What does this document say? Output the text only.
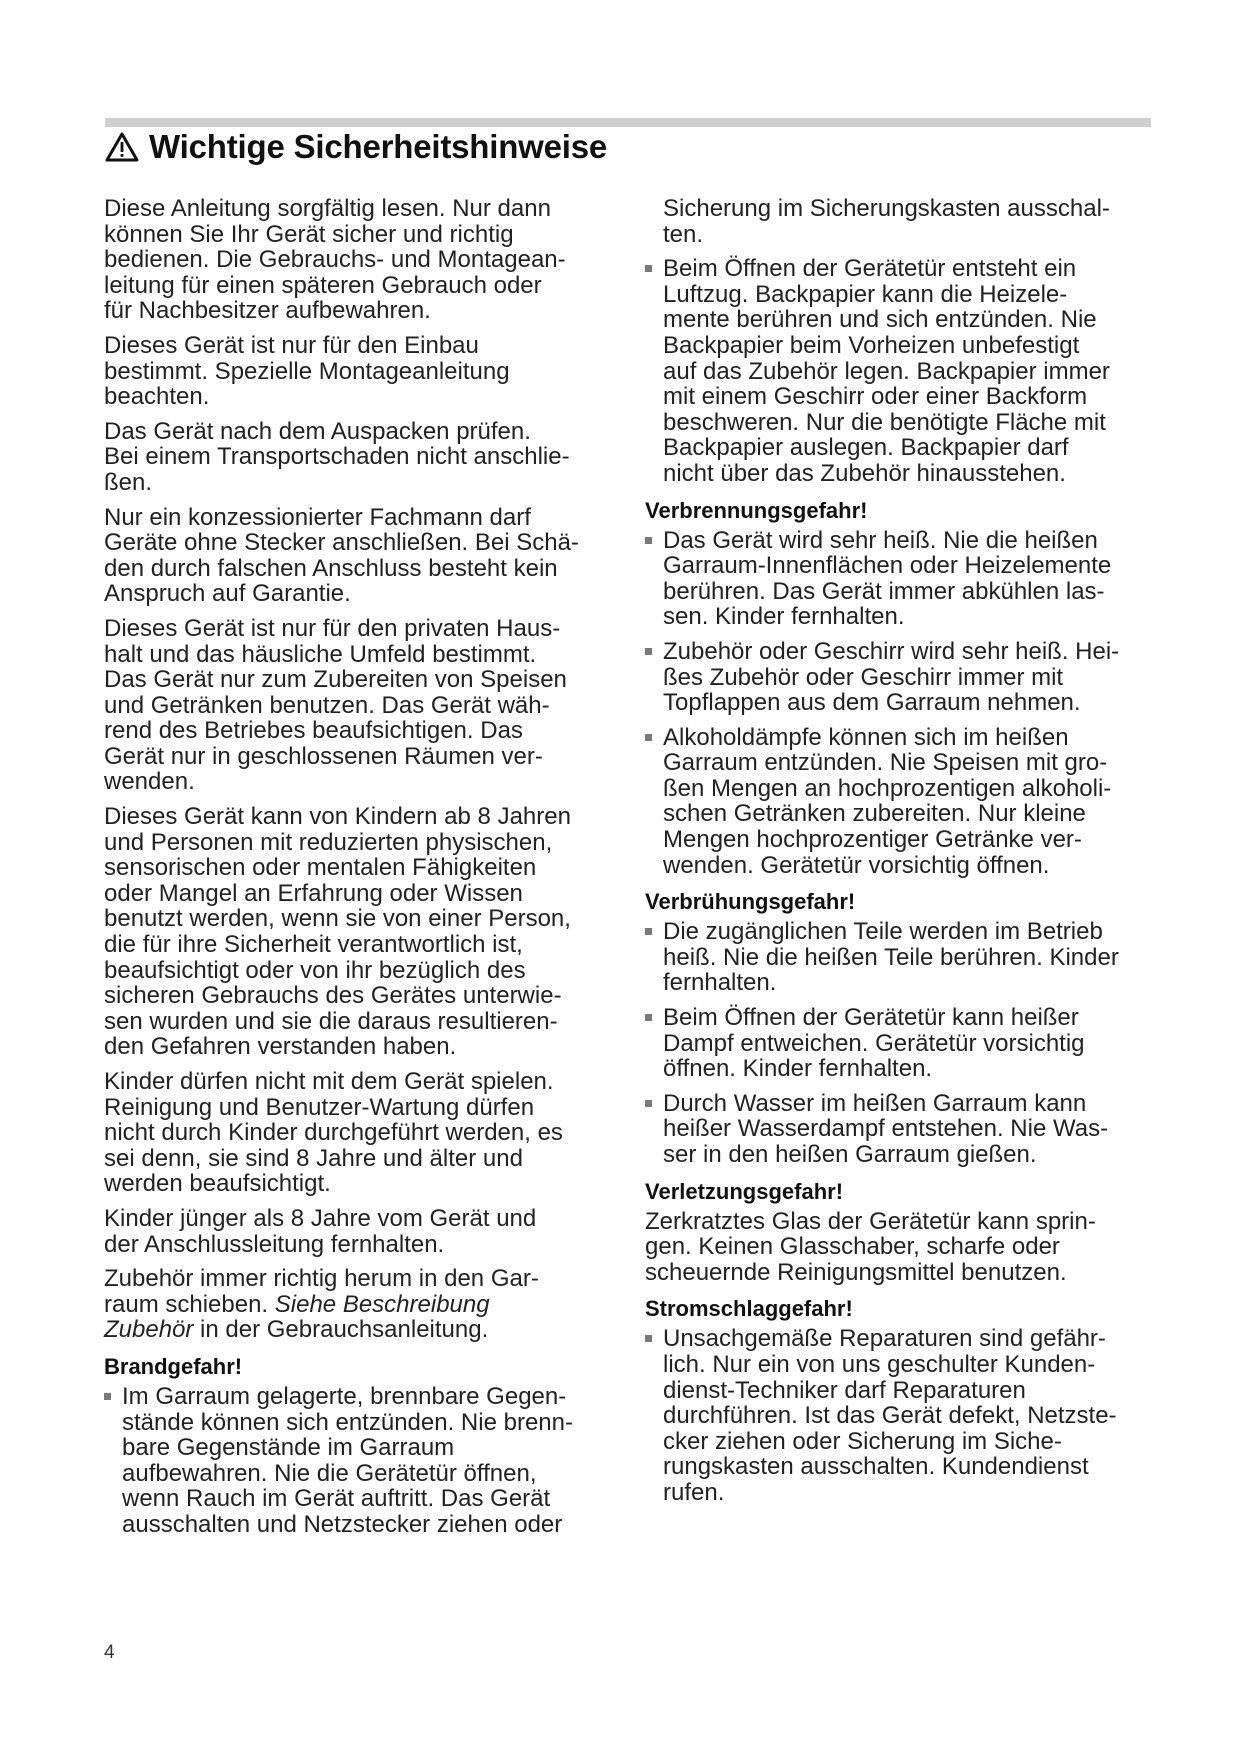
Wichtige Sicherheitshinweise

Diese Anleitung sorgfältig lesen. Nur dann
können Sie Ihr Gerät sicher und richtig
bedienen. Die Gebrauchs- und Montagean-
leitung für einen späteren Gebrauch oder
für Nachbesitzer aufbewahren.

Dieses Gerät ist nur für den Einbau
bestimmt. Spezielle Montageanleitung
beachten.

Das Gerät nach dem Auspacken prüfen.
Bei einem Transportschaden nicht anschlie-
ßen.

Nur ein konzessionierter Fachmann darf
Geräte ohne Stecker anschließen. Bei Schä-
den durch falschen Anschluss besteht kein
Anspruch auf Garantie.

Dieses Gerät ist nur für den privaten Haus-
halt und das häusliche Umfeld bestimmt.
Das Gerät nur zum Zubereiten von Speisen
und Getränken benutzen. Das Gerät wäh-
rend des Betriebes beaufsichtigen. Das
Gerät nur in geschlossenen Räumen ver-
wenden.

Dieses Gerät kann von Kindern ab 8 Jahren
und Personen mit reduzierten physischen,
sensorischen oder mentalen Fähigkeiten
oder Mangel an Erfahrung oder Wissen
benutzt werden, wenn sie von einer Person,
die für ihre Sicherheit verantwortlich ist,
beaufsichtigt oder von ihr bezüglich des
sicheren Gebrauchs des Gerätes unterwie-
sen wurden und sie die daraus resultieren-
den Gefahren verstanden haben.

Kinder dürfen nicht mit dem Gerät spielen.
Reinigung und Benutzer-Wartung dürfen
nicht durch Kinder durchgeführt werden, es
sei denn, sie sind 8 Jahre und älter und
werden beaufsichtigt.

Kinder jünger als 8 Jahre vom Gerät und
der Anschlussleitung fernhalten.

Zubehör immer richtig herum in den Gar-
raum schieben. Siehe Beschreibung
Zubehör in der Gebrauchsanleitung.

Brandgefahr!
Im Garraum gelagerte, brennbare Gegen-
stände können sich entzünden. Nie brenn-
bare Gegenstände im Garraum
aufbewahren. Nie die Gerätetür öffnen,
wenn Rauch im Gerät auftritt. Das Gerät
ausschalten und Netzstecker ziehen oder

Sicherung im Sicherungskasten ausschal-
ten.

Beim Öffnen der Gerätetür entsteht ein
Luftzug. Backpapier kann die Heizele-
mente berühren und sich entzünden. Nie
Backpapier beim Vorheizen unbefestigt
auf das Zubehör legen. Backpapier immer
mit einem Geschirr oder einer Backform
beschweren. Nur die benötigte Fläche mit
Backpapier auslegen. Backpapier darf
nicht über das Zubehör hinausstehen.
Verbrennungsgefahr!
Das Gerät wird sehr heiß. Nie die heißen
Garraum-Innenflächen oder Heizelemente
berühren. Das Gerät immer abkühlen las-
sen. Kinder fernhalten.
Zubehör oder Geschirr wird sehr heiß. Hei-
ßes Zubehör oder Geschirr immer mit
Topflappen aus dem Garraum nehmen.
Alkoholdämpfe können sich im heißen
Garraum entzünden. Nie Speisen mit gro-
ßen Mengen an hochprozentigen alkoholi-
schen Getränken zubereiten. Nur kleine
Mengen hochprozentiger Getränke ver-
wenden. Gerätetür vorsichtig öffnen.
Verbrühungsgefahr!
Die zugänglichen Teile werden im Betrieb
heiß. Nie die heißen Teile berühren. Kinder
fernhalten.
Beim Öffnen der Gerätetür kann heißer
Dampf entweichen. Gerätetür vorsichtig
öffnen. Kinder fernhalten.
Durch Wasser im heißen Garraum kann
heißer Wasserdampf entstehen. Nie Was-
ser in den heißen Garraum gießen.
Verletzungsgefahr!

Zerkratztes Glas der Gerätetür kann sprin-
gen. Keinen Glasschaber, scharfe oder
scheuernde Reinigungsmittel benutzen.

Stromschlaggefahr!
Unsachgemäße Reparaturen sind gefähr-
lich. Nur ein von uns geschulter Kunden-
dienst-Techniker darf Reparaturen
durchführen. Ist das Gerät defekt, Netzste-
cker ziehen oder Sicherung im Siche-
rungskasten ausschalten. Kundendienst
rufen.
4
